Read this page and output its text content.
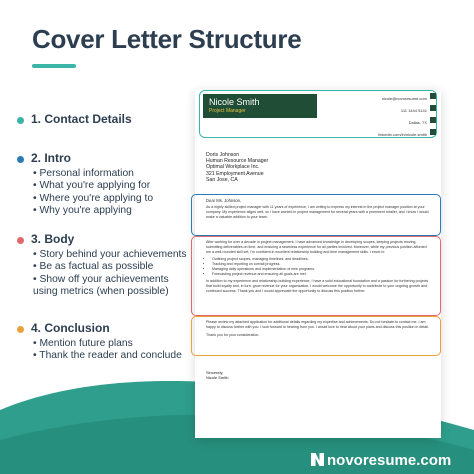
Cover Letter Structure
1. Contact Details
2. Intro
• Personal information
• What you're applying for
• Where you're applying to
• Why you're applying
3. Body
• Story behind your achievements
• Be as factual as possible
• Show off your achievements
using metrics (when possible)
4. Conclusion
• Mention future plans
• Thank the reader and conclude
Nicole Smith
Project Manager
nicole@novoresume.com
111 1444 5141
Dallas, TX
linkedin.com/in/nicole.smith
Doris Johnson
Human Resource Manager
Optimal Workplace Inc.
321 Employment Avenue
San Jose, CA

Dear Ms. Johnson,

As a highly skilled project manager with 11 years of experience, I am writing to express my interest in the project manager position at your company. My experience aligns well, so I have worked in project management for several years with a prominent retailer, and I know I would make a valuable addition to your team.

After working for over a decade in project management, I have advanced knowledge in developing scopes, keeping projects moving, submitting deliverables on time, and ensuring a seamless experience for all parties involved. Moreover, while my previous position afforded me a well-rounded skill set, I'm confident in excellent relationship building and time management skills. I excel in:

• Outlining project scopes, managing timelines, and deadlines.
• Tracking and reporting on overall progress.
• Managing daily operations and implementation of new programs.
• Forecasting project revenue and ensuring all goals are met.

In addition to my experience and relationship-building experience, I have a solid educational foundation and a passion for furthering projects that build loyalty and, in turn, grow revenue for your organization. I would welcome the opportunity to contribute to your ongoing growth and continued success. Thank you and I would appreciate the opportunity to discuss this position further.

Please review my attached application for additional details regarding my expertise and achievements. Do not hesitate to contact me. I am happy to discuss further with you. I look forward to hearing from you. I would love to hear about your plans and discuss this position in detail.

Thank you for your consideration.

Sincerely,
Nicole Smith
novoresume.com
